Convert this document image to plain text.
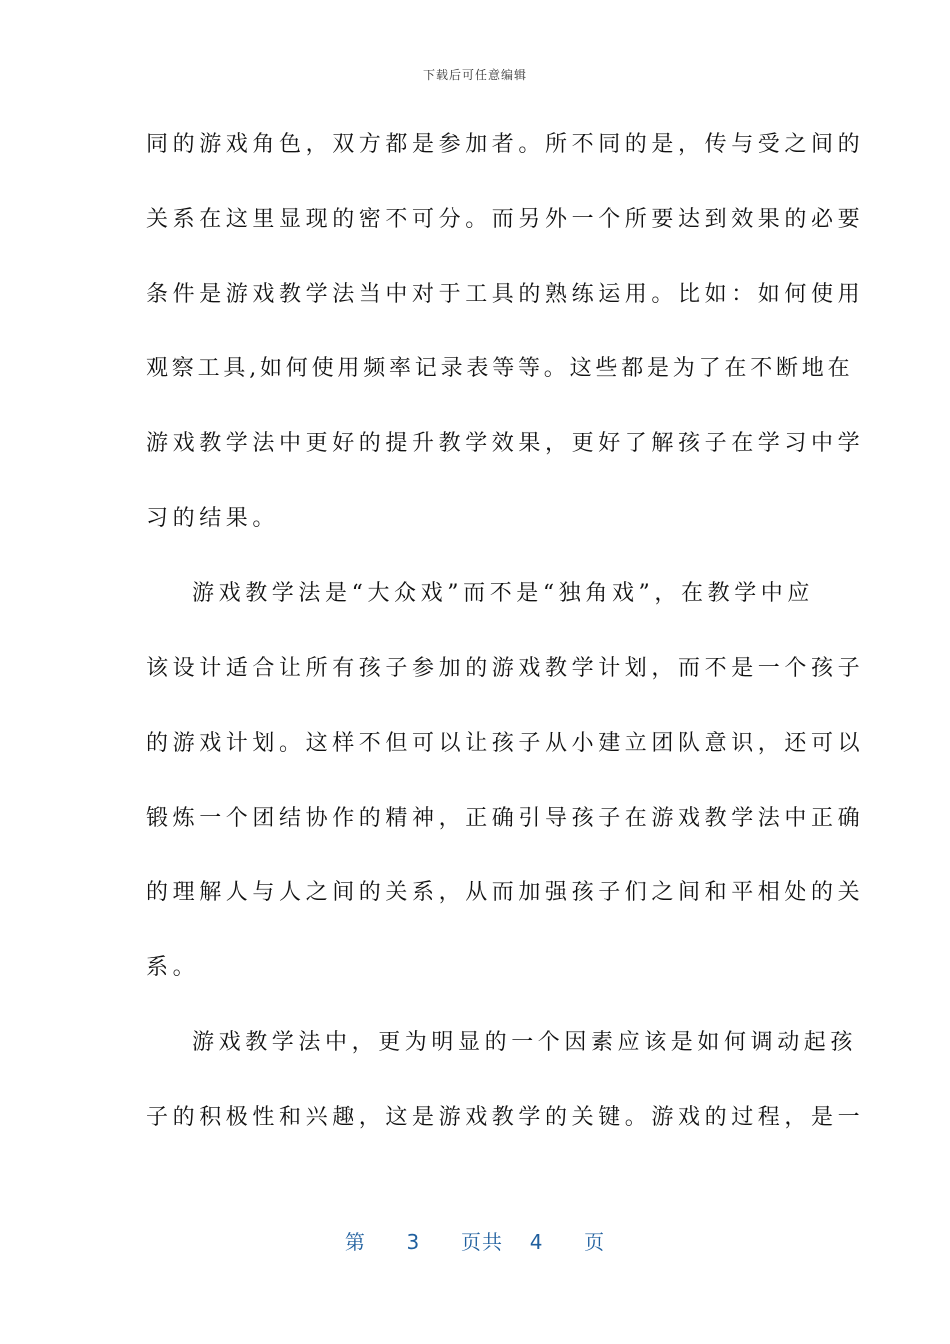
下载后可任意编辑
同的游戏角色，双方都是参加者。所不同的是，传与受之间的
关系在这里显现的密不可分。而另外一个所要达到效果的必要
条件是游戏教学法当中对于工具的熟练运用。比如：如何使用
观察工具,如何使用频率记录表等等。这些都是为了在不断地在
游戏教学法中更好的提升教学效果，更好了解孩子在学习中学
习的结果。
游戏教学法是“大众戏”而不是“独角戏”，在教学中应
该设计适合让所有孩子参加的游戏教学计划，而不是一个孩子
的游戏计划。这样不但可以让孩子从小建立团队意识，还可以
锻炼一个团结协作的精神，正确引导孩子在游戏教学法中正确
的理解人与人之间的关系，从而加强孩子们之间和平相处的关
系。
游戏教学法中，更为明显的一个因素应该是如何调动起孩
子的积极性和兴趣，这是游戏教学的关键。游戏的过程，是一
第 3 页共 4 页
